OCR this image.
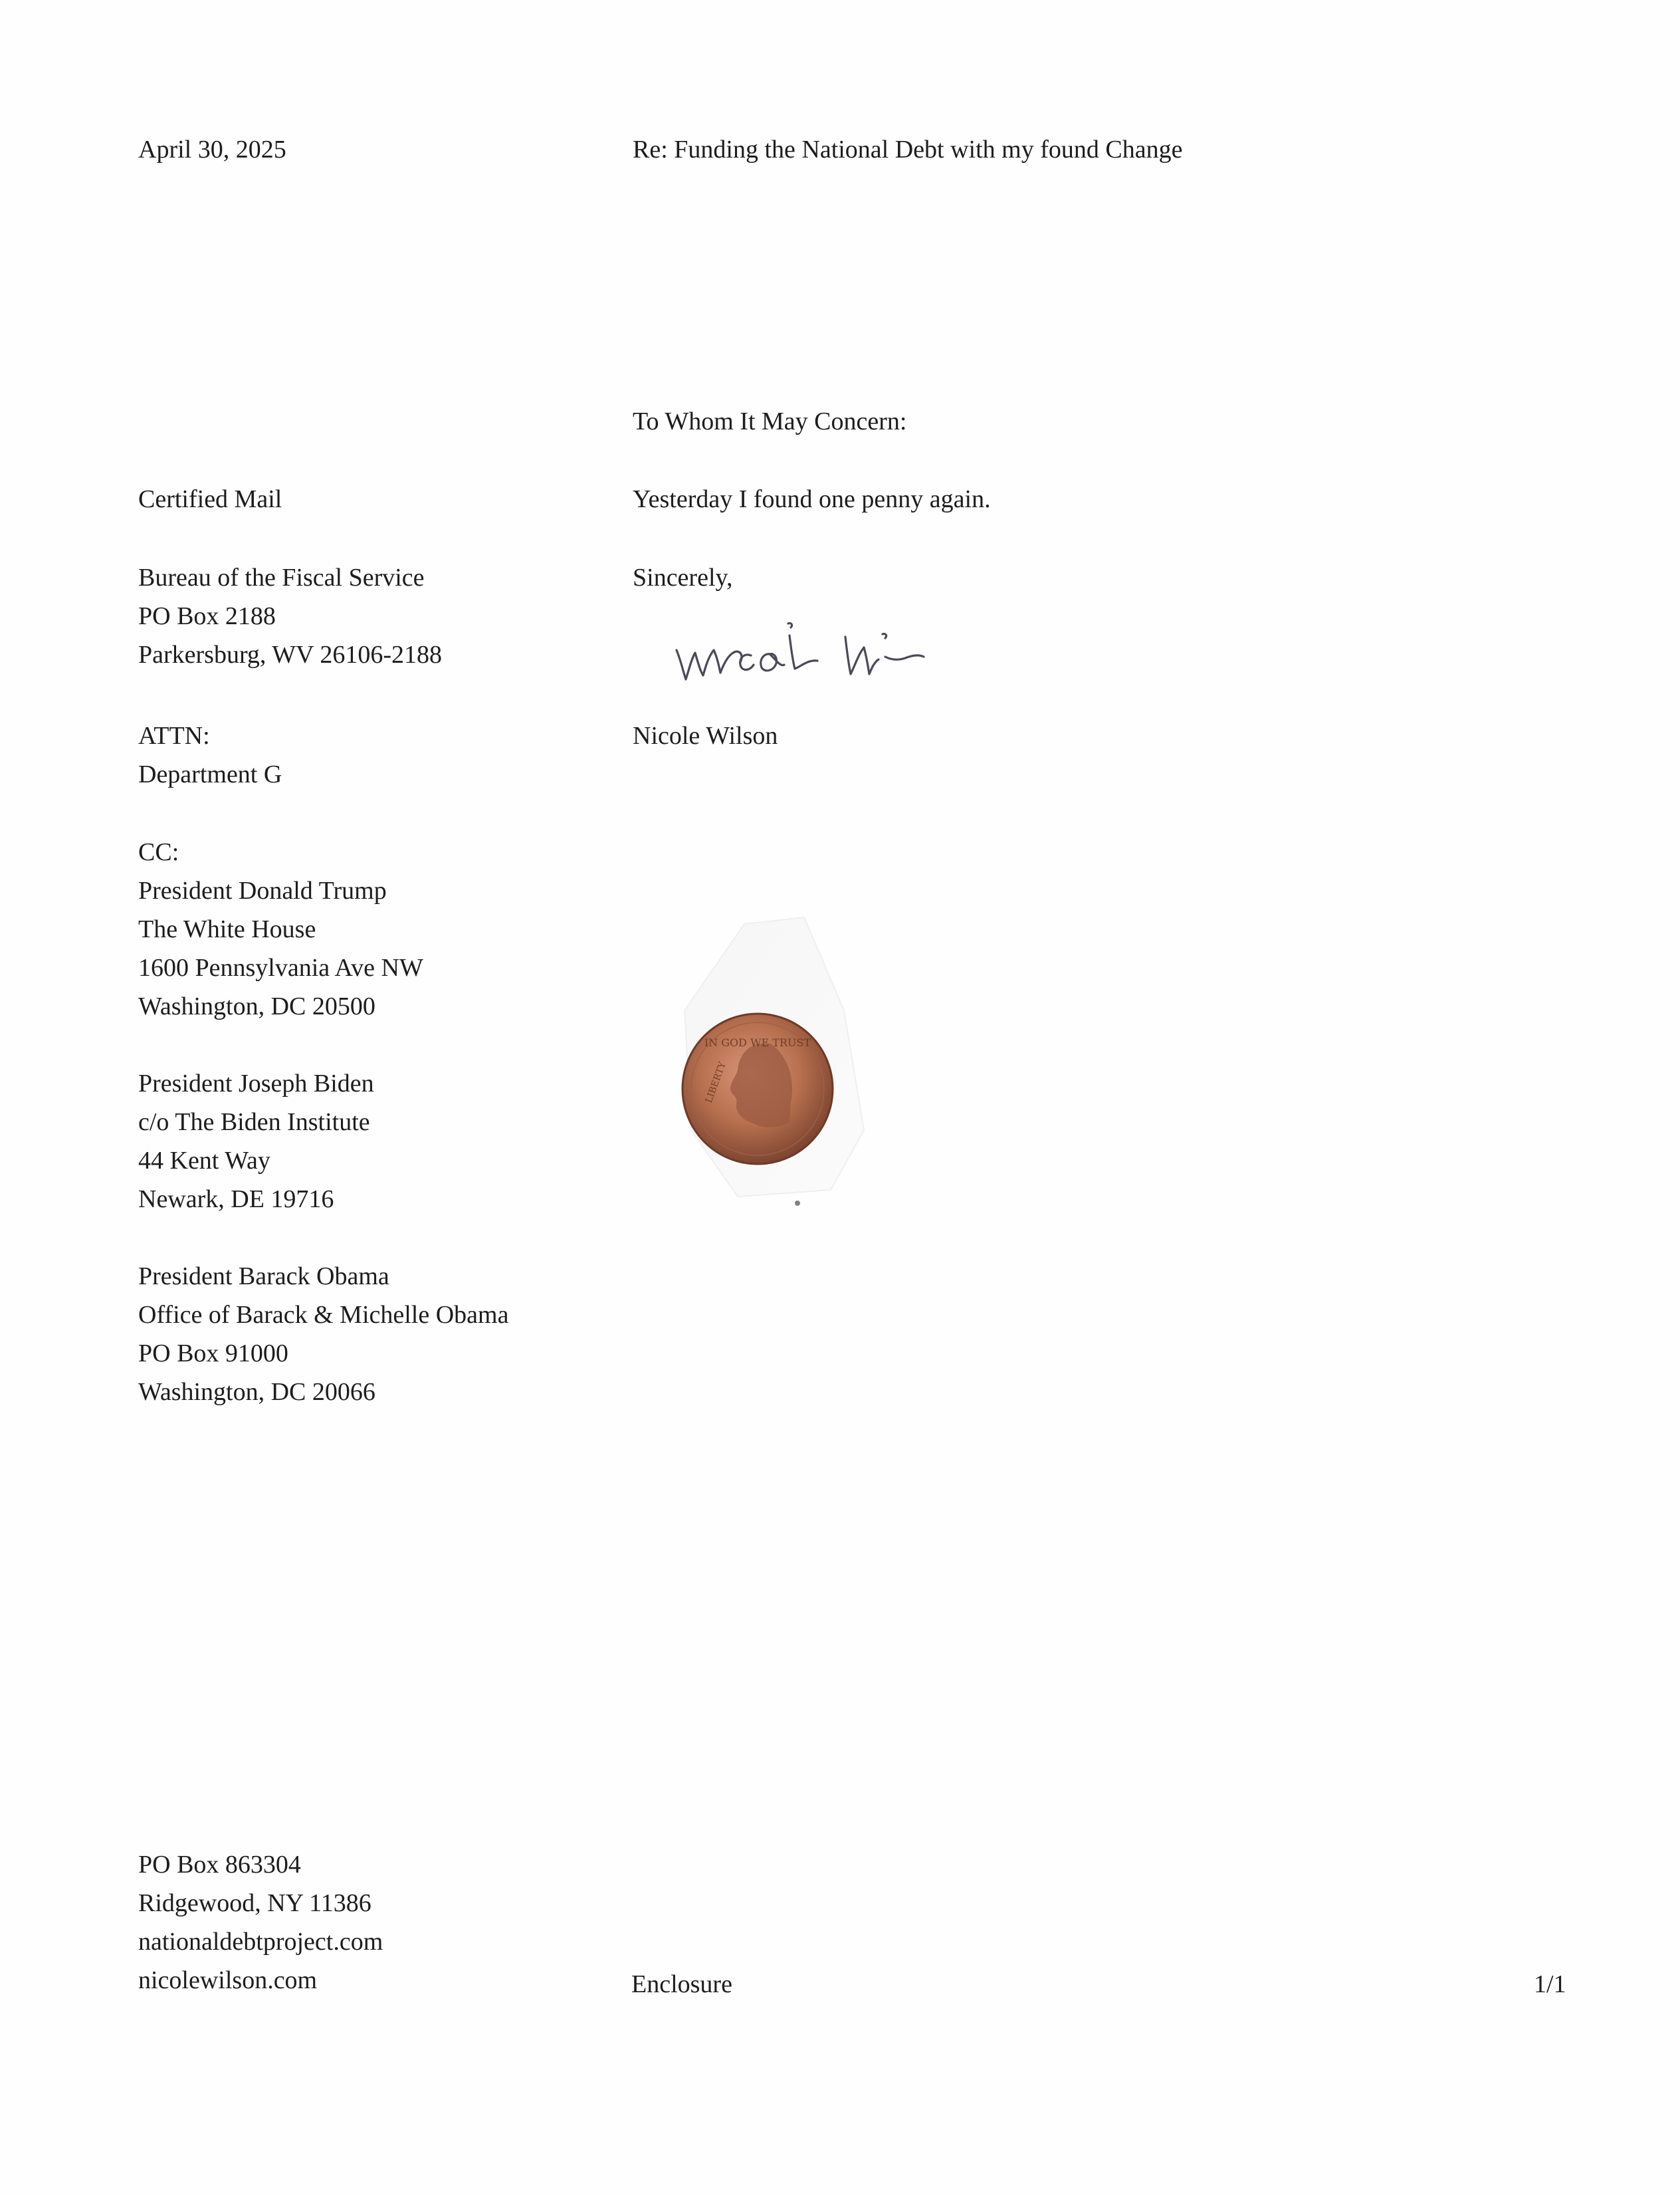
April 30, 2025	Re: Funding the National Debt with my found Change
To Whom It May Concern:
Certified Mail	Yesterday I found one penny again.
Bureau of the Fiscal Service
PO Box 2188
Parkersburg, WV 26106-2188
Sincerely,
ATTN:
Department G
Nicole Wilson
CC:
President Donald Trump
The White House
1600 Pennsylvania Ave NW
Washington, DC 20500
President Joseph Biden
c/o The Biden Institute
44 Kent Way
Newark, DE 19716
President Barack Obama
Office of Barack & Michelle Obama
PO Box 91000
Washington, DC 20066
IN GOD WE TRUST
LIBERTY
PO Box 863304
Ridgewood, NY 11386
nationaldebtproject.com
nicolewilson.com	Enclosure	1/1
